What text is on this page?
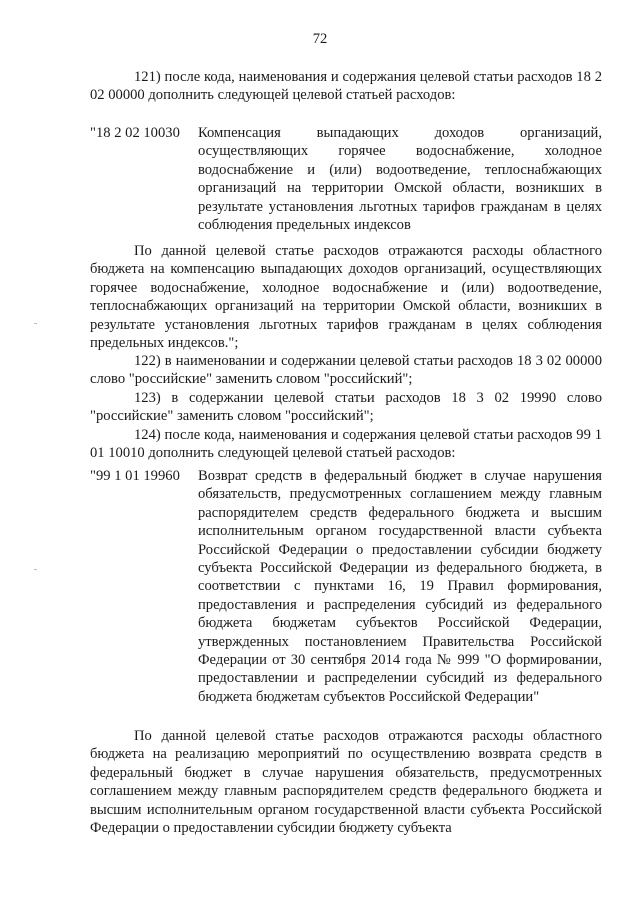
72

121) после кода, наименования и содержания целевой статьи расходов 18 2 02 00000 дополнить следующей целевой статьей расходов:

"18 2 02 10030 Компенсация выпадающих доходов организаций, осуществляющих горячее водоснабжение, холодное водоснабжение и (или) водоотведение, теплоснабжающих организаций на территории Омской области, возникших в результате установления льготных тарифов гражданам в целях соблюдения предельных индексов

По данной целевой статье расходов отражаются расходы областного бюджета на компенсацию выпадающих доходов организаций, осуществляющих горячее водоснабжение, холодное водоснабжение и (или) водоотведение, теплоснабжающих организаций на территории Омской области, возникших в результате установления льготных тарифов гражданам в целях соблюдения предельных индексов.";

122) в наименовании и содержании целевой статьи расходов 18 3 02 00000 слово "российские" заменить словом "российский";

123) в содержании целевой статьи расходов 18 3 02 19990 слово "российские" заменить словом "российский";

124) после кода, наименования и содержания целевой статьи расходов 99 1 01 10010 дополнить следующей целевой статьей расходов:

"99 1 01 19960 Возврат средств в федеральный бюджет в случае нарушения обязательств, предусмотренных соглашением между главным распорядителем средств федерального бюджета и высшим исполнительным органом государственной власти субъекта Российской Федерации о предоставлении субсидии бюджету субъекта Российской Федерации из федерального бюджета, в соответствии с пунктами 16, 19 Правил формирования, предоставления и распределения субсидий из федерального бюджета бюджетам субъектов Российской Федерации, утвержденных постановлением Правительства Российской Федерации от 30 сентября 2014 года № 999 "О формировании, предоставлении и распределении субсидий из федерального бюджета бюджетам субъектов Российской Федерации"

По данной целевой статье расходов отражаются расходы областного бюджета на реализацию мероприятий по осуществлению возврата средств в федеральный бюджет в случае нарушения обязательств, предусмотренных соглашением между главным распорядителем средств федерального бюджета и высшим исполнительным органом государственной власти субъекта Российской Федерации о предоставлении субсидии бюджету субъекта
